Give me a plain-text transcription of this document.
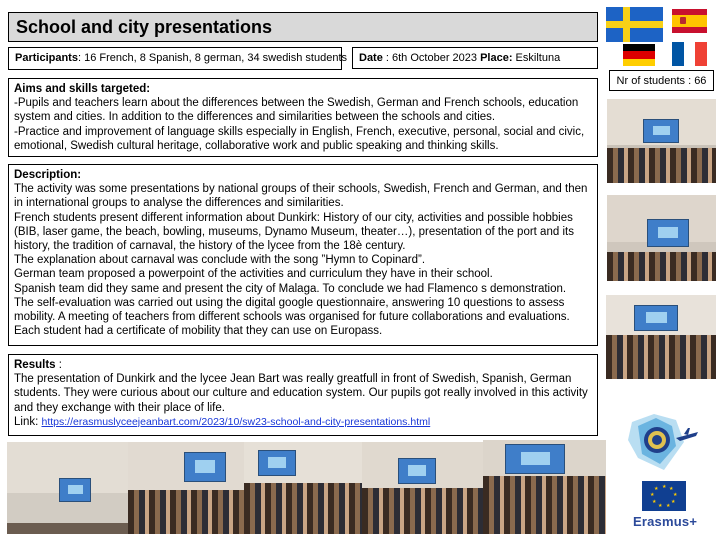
School and city presentations
Participants: 16 French, 8 Spanish, 8 german, 34 swedish students	Date : 6th October 2023 Place: Eskiltuna
Nr of students : 66
Aims and skills targeted:
-Pupils and teachers learn about the differences between the Swedish, German and French schools, education system and cities. In addition to the differences and similarities between the schools and cities.
-Practice and improvement of language skills especially in English, French, executive, personal, social and civic, emotional, Swedish cultural heritage, collaborative work and public speaking and thinking skills.
Description:
The activity was some presentations by national groups of their schools, Swedish, French and German, and then in international groups to analyse the differences and similarities.
French students present different information about Dunkirk: History of our city, activities and possible hobbies (BIB, laser game, the beach, bowling, museums, Dynamo Museum, theater…), presentation of the port and its history, the tradition of carnaval, the history of the lycee from the 18è century.
The explanation about carnaval was conclude with the song ”Hymn to Copinard”.
German team proposed a powerpoint of the activities and curriculum they have in their school.
Spanish team did they same and present the city of Malaga. To conclude we had Flamenco s demonstration.
The self-evaluation was carried out using the digital google questionnaire, answering 10 questions to assess mobility. A meeting of teachers from different schools was organised for future collaborations and evaluations. Each student had a certificate of mobility that they can use on Europass.
Results :
The presentation of Dunkirk and the lycee Jean Bart was really greatfull in front of Swedish, Spanish, German students. They were curious about our culture and education system. Our pupils got really involved in this activity and they exchange with their place of life.
Link: https://erasmuslyceejeanbart.com/2023/10/sw23-school-and-city-presentations.html
★ ★
★
★
★
★
★
★
★
Erasmus+
